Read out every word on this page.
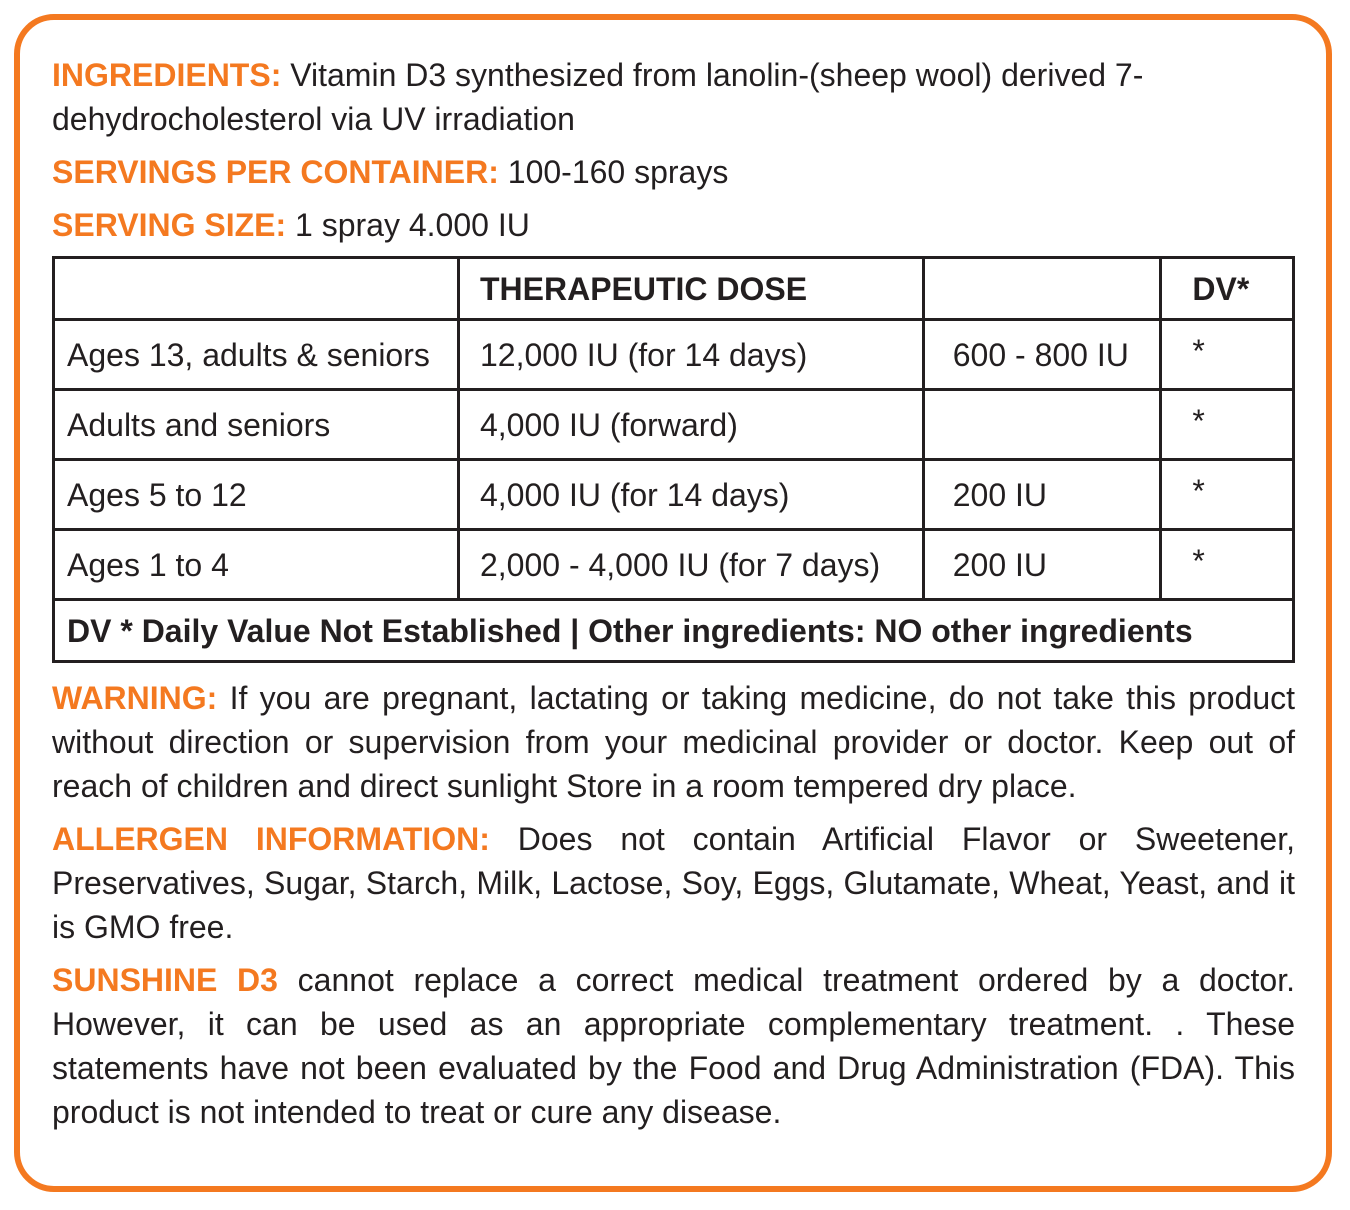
INGREDIENTS: Vitamin D3 synthesized from lanolin-(sheep wool) derived 7-dehydrocholesterol via UV irradiation

SERVINGS PER CONTAINER: 100-160 sprays

SERVING SIZE: 1 spray 4.000 IU

	THERAPEUTIC DOSE		DV*
Ages 13, adults & seniors	12,000 IU (for 14 days)	600 - 800 IU	*
Adults and seniors	4,000 IU (forward)		*
Ages 5 to 12	4,000 IU (for 14 days)	200 IU	*
Ages 1 to 4	2,000 - 4,000 IU (for 7 days)	200 IU	*
DV * Daily Value Not Established | Other ingredients: NO other ingredients			

WARNING: If you are pregnant, lactating or taking medicine, do not take this product without direction or supervision from your medicinal provider or doctor. Keep out of reach of children and direct sunlight Store in a room tempered dry place.

ALLERGEN INFORMATION: Does not contain Artificial Flavor or Sweetener, Preservatives, Sugar, Starch, Milk, Lactose, Soy, Eggs, Glutamate, Wheat, Yeast, and it is GMO free.

SUNSHINE D3 cannot replace a correct medical treatment ordered by a doctor. However, it can be used as an appropriate complementary treatment. . These statements have not been evaluated by the Food and Drug Administration (FDA). This product is not intended to treat or cure any disease.
